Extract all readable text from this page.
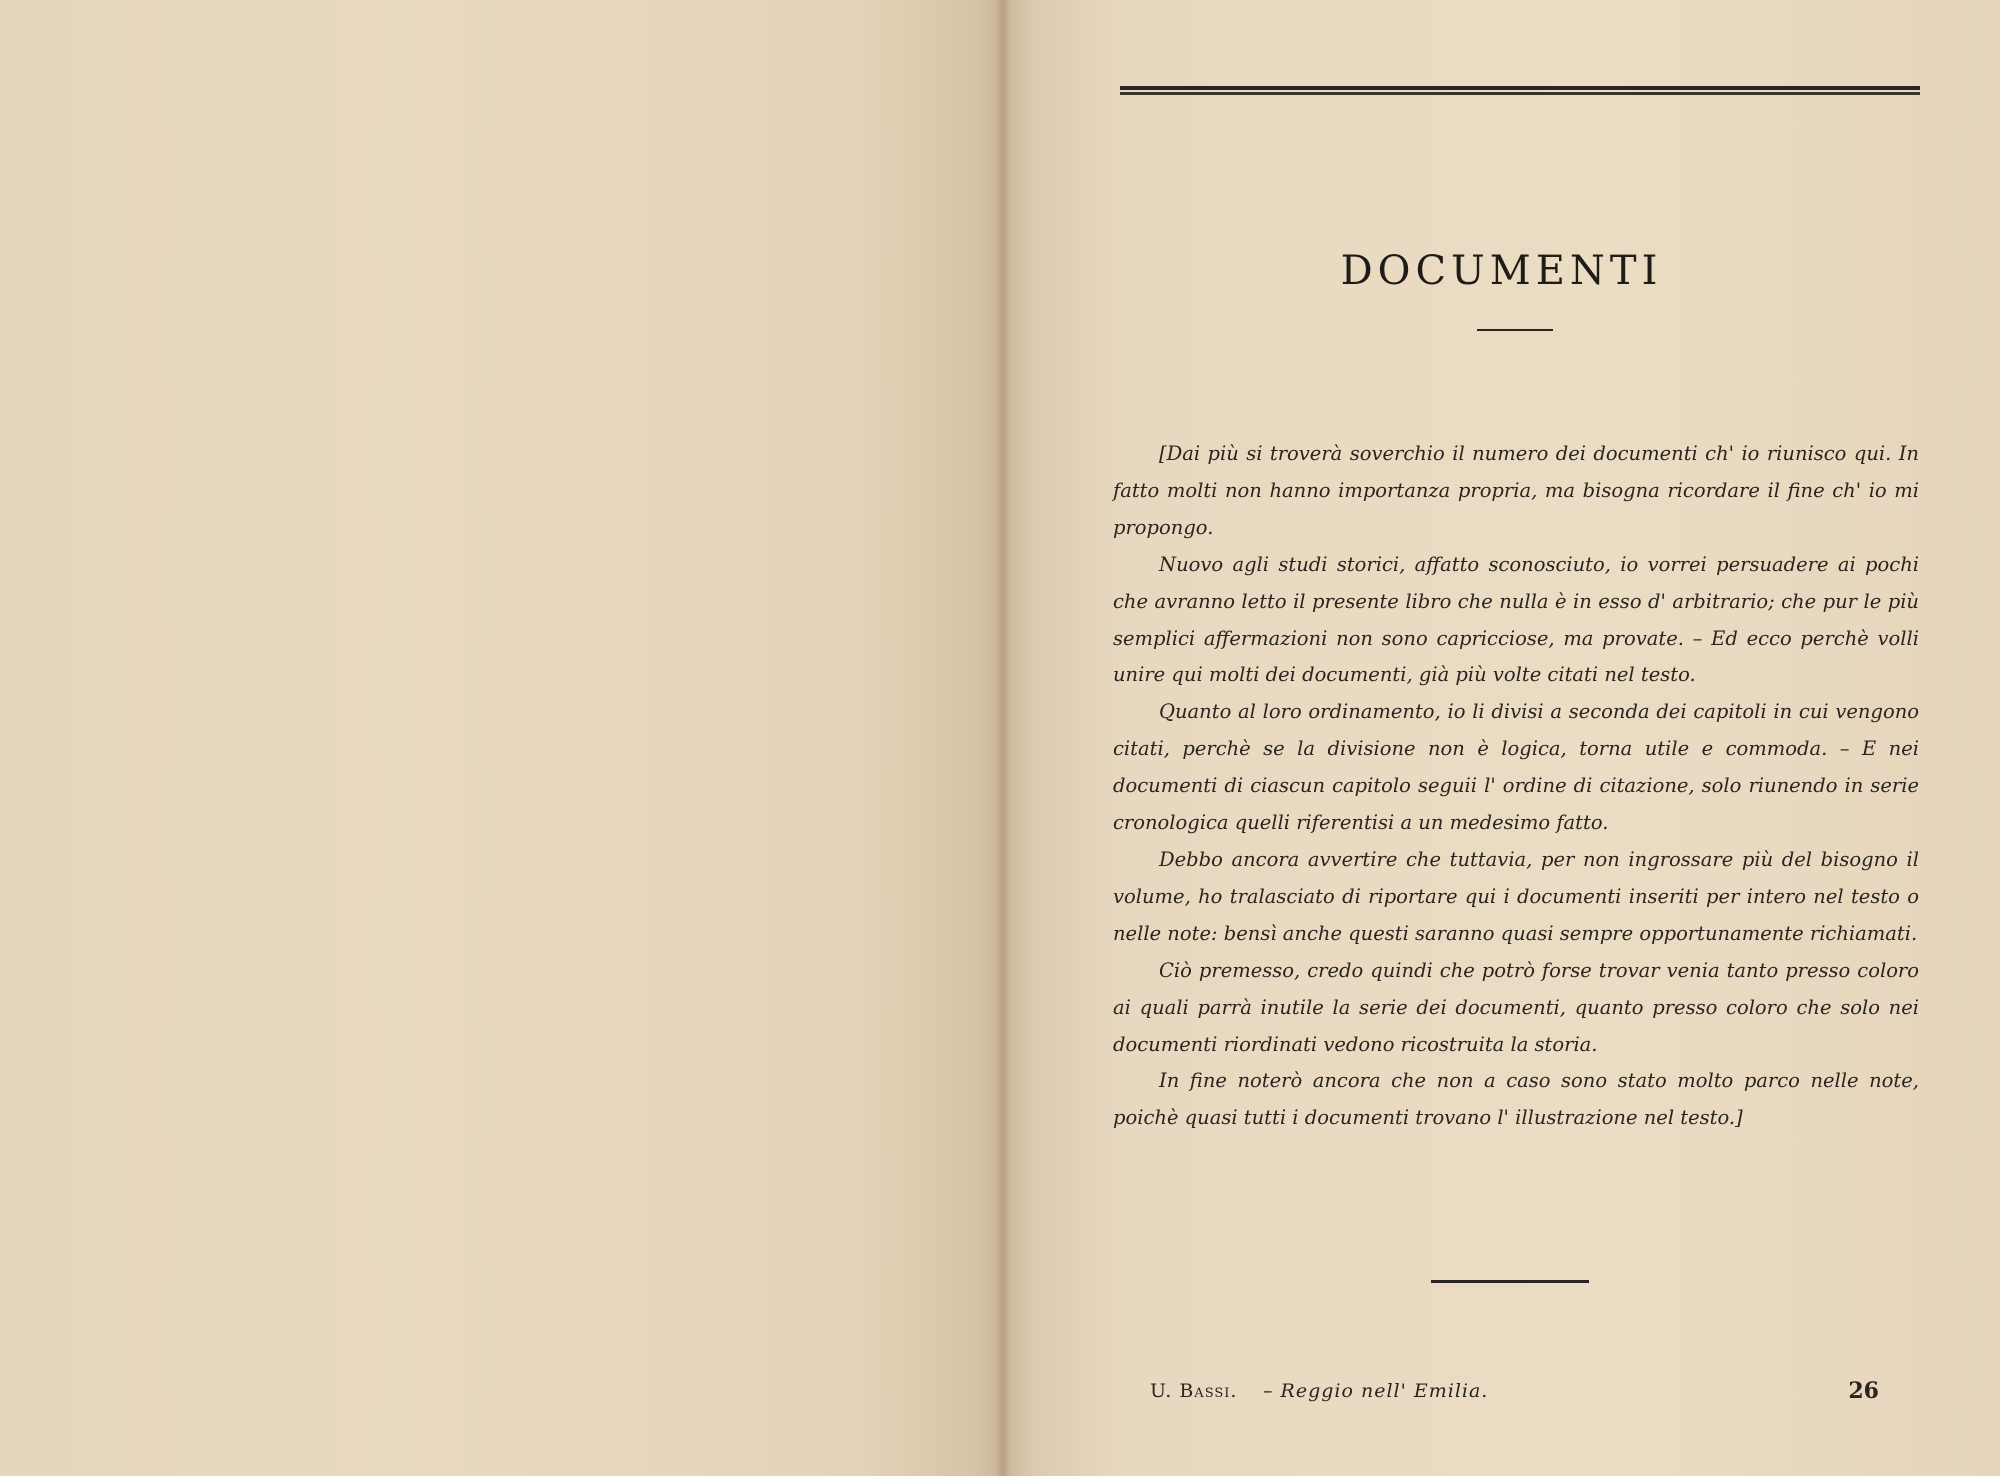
DOCUMENTI

[Dai più si troverà soverchio il numero dei documenti ch' io riunisco qui. In fatto molti non hanno importanza propria, ma bisogna ricordare il fine ch' io mi propongo.

Nuovo agli studi storici, affatto sconosciuto, io vorrei persuadere ai pochi che avranno letto il presente libro che nulla è in esso d' arbitrario; che pur le più semplici affermazioni non sono capricciose, ma provate. – Ed ecco perchè volli unire qui molti dei documenti, già più volte citati nel testo.

Quanto al loro ordinamento, io li divisi a seconda dei capitoli in cui vengono citati, perchè se la divisione non è logica, torna utile e commoda. – E nei documenti di ciascun capitolo seguii l' ordine di citazione, solo riunendo in serie cronologica quelli riferentisi a un medesimo fatto.

Debbo ancora avvertire che tuttavia, per non ingrossare più del bisogno il volume, ho tralasciato di riportare qui i documenti inseriti per intero nel testo o nelle note: bensì anche questi saranno quasi sempre opportunamente richiamati.

Ciò premesso, credo quindi che potrò forse trovar venia tanto presso coloro ai quali parrà inutile la serie dei documenti, quanto presso coloro che solo nei documenti riordinati vedono ricostruita la storia.

In fine noterò ancora che non a caso sono stato molto parco nelle note, poichè quasi tutti i documenti trovano l' illustrazione nel testo.]

U. Bassi. – Reggio nell' Emilia.	26
